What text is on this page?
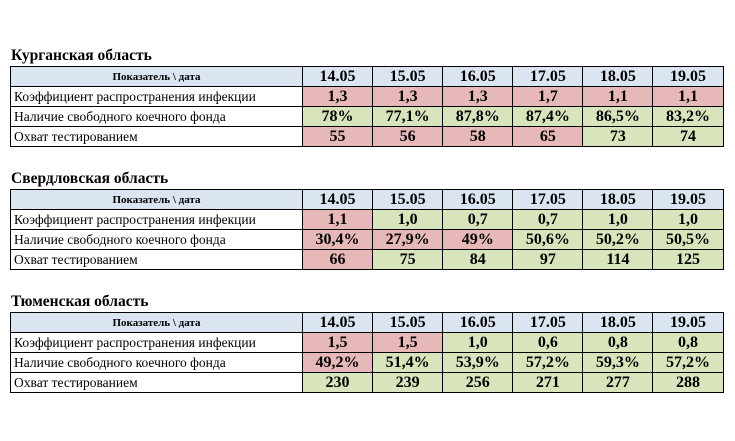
Курганская область
Показатель \ дата	14.05	15.05	16.05	17.05	18.05	19.05
Коэффициент распространения инфекции	1,3	1,3	1,3	1,7	1,1	1,1
Наличие свободного коечного фонда	78%	77,1%	87,8%	87,4%	86,5%	83,2%
Охват тестированием	55	56	58	65	73	74
Свердловская область
Показатель \ дата	14.05	15.05	16.05	17.05	18.05	19.05
Коэффициент распространения инфекции	1,1	1,0	0,7	0,7	1,0	1,0
Наличие свободного коечного фонда	30,4%	27,9%	49%	50,6%	50,2%	50,5%
Охват тестированием	66	75	84	97	114	125
Тюменская область
Показатель \ дата	14.05	15.05	16.05	17.05	18.05	19.05
Коэффициент распространения инфекции	1,5	1,5	1,0	0,6	0,8	0,8
Наличие свободного коечного фонда	49,2%	51,4%	53,9%	57,2%	59,3%	57,2%
Охват тестированием	230	239	256	271	277	288
